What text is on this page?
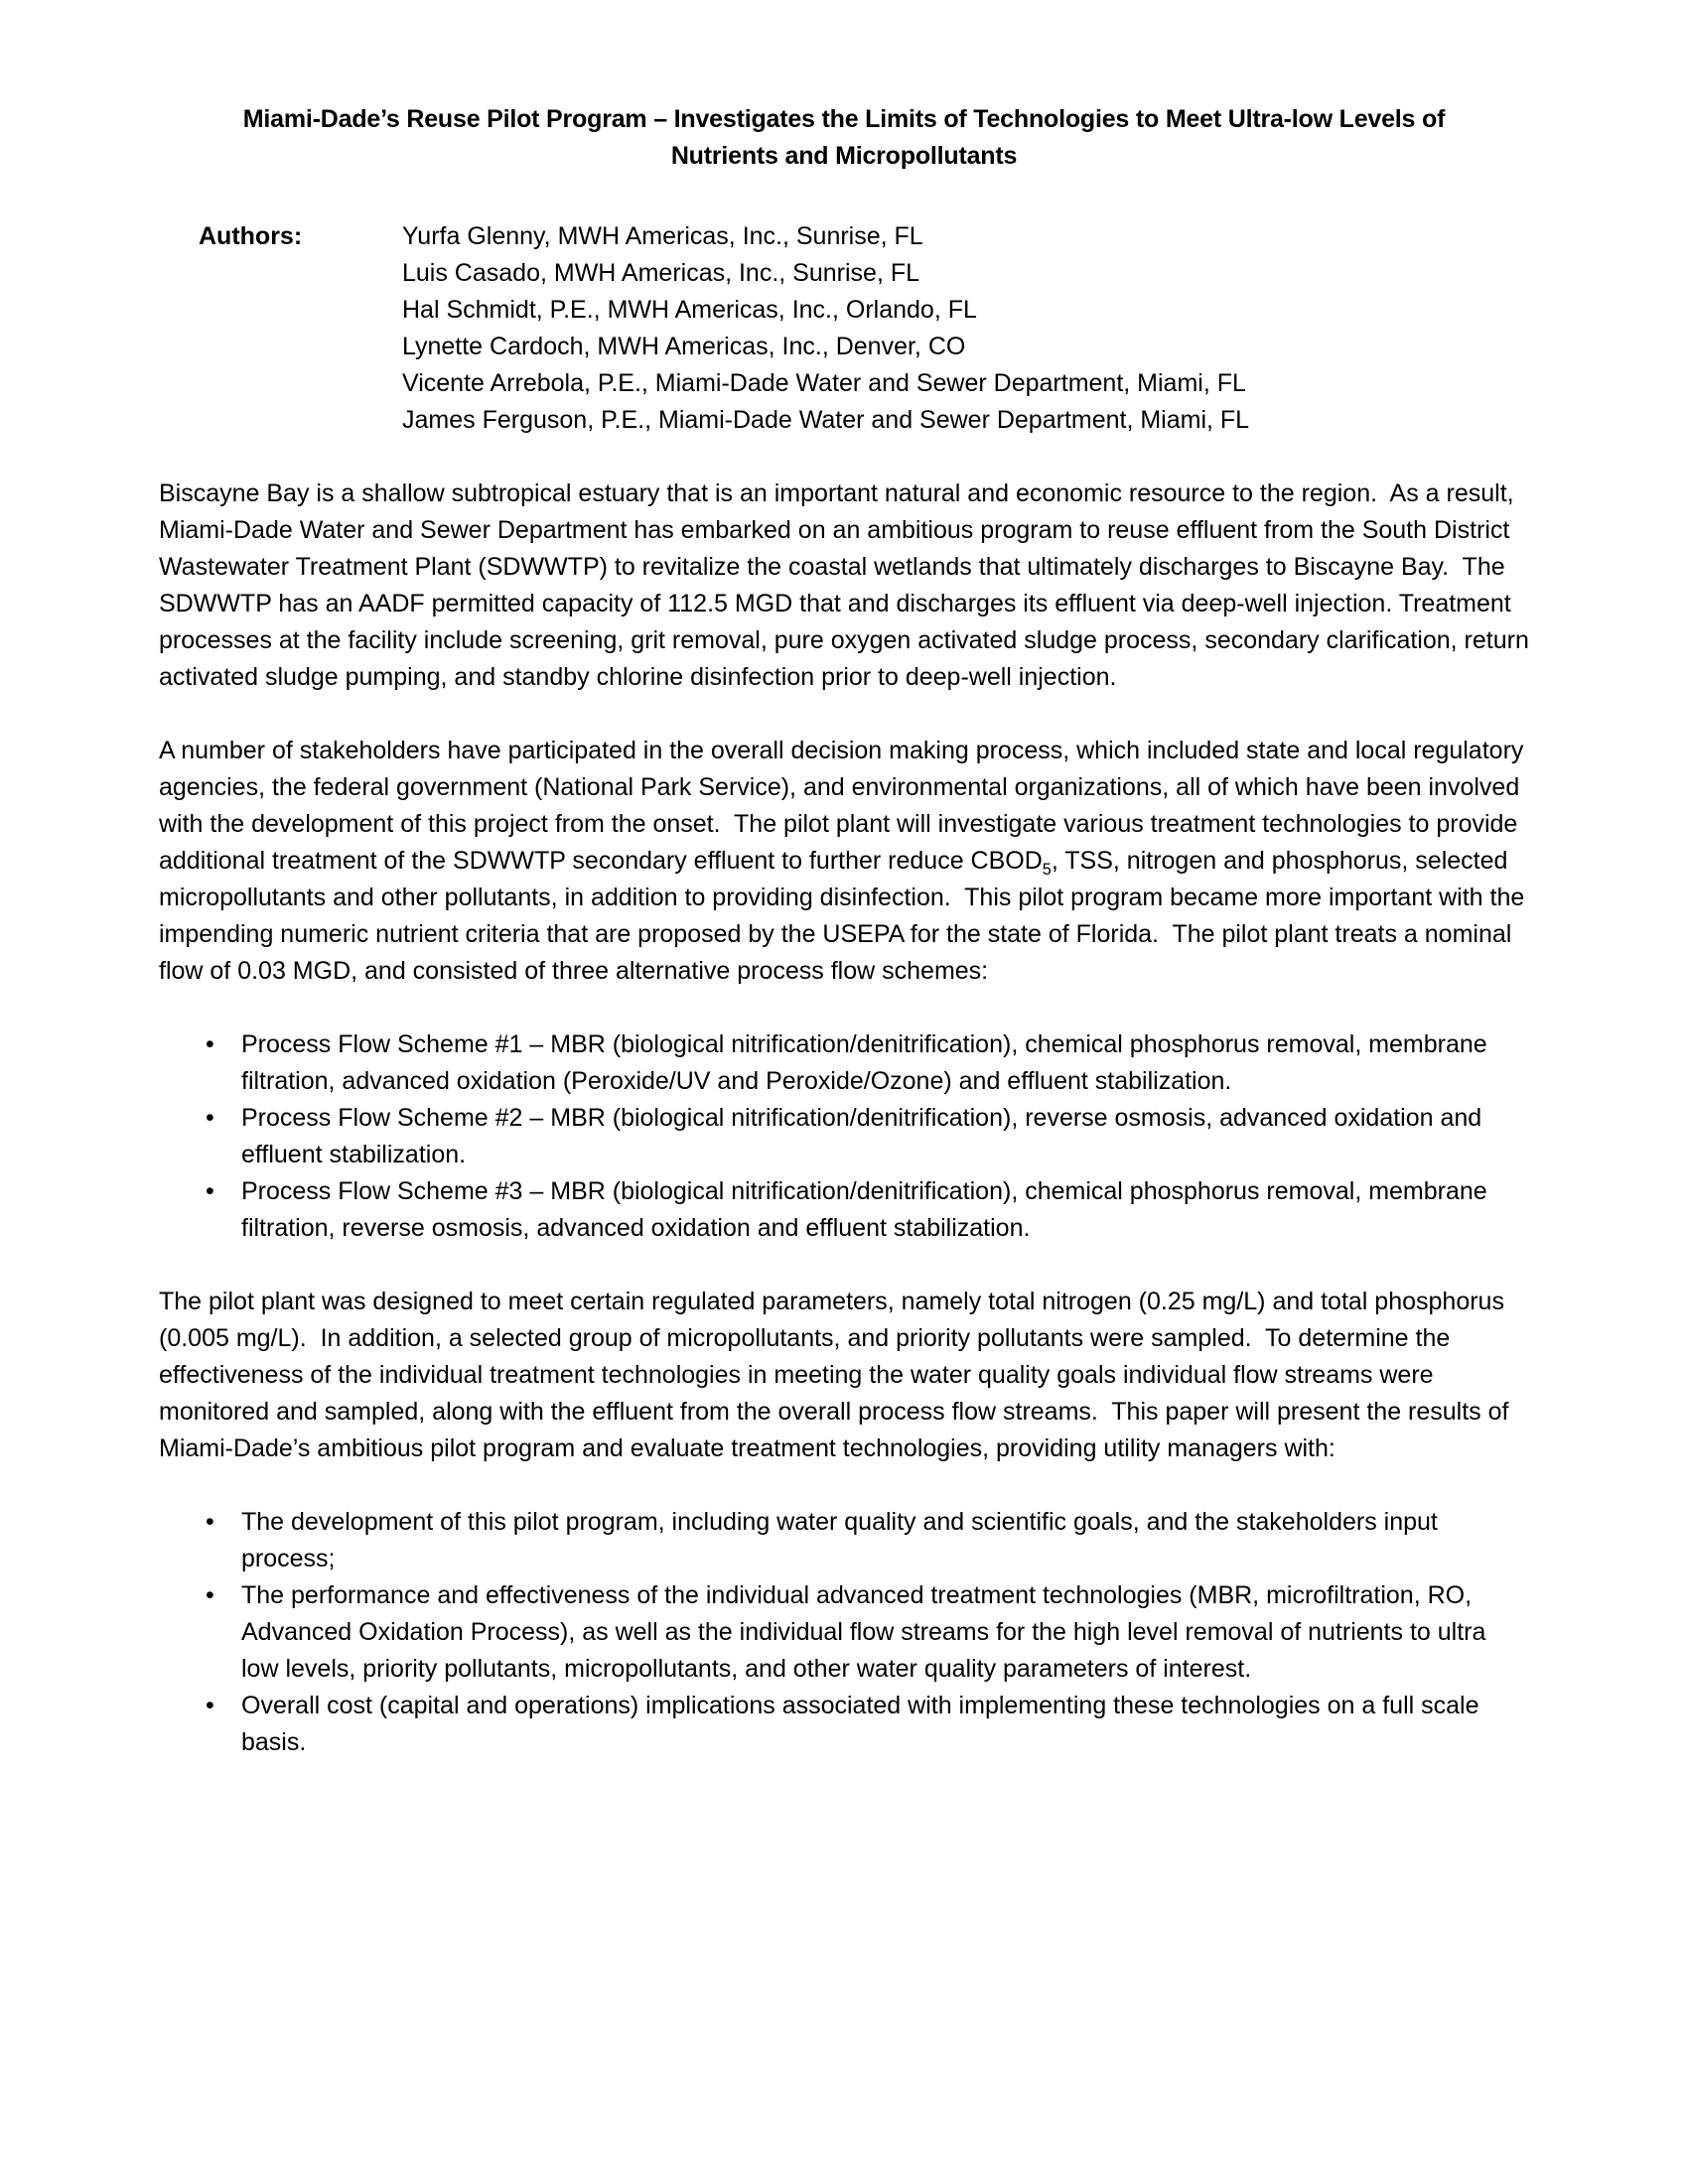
Miami-Dade’s Reuse Pilot Program – Investigates the Limits of Technologies to Meet Ultra-low Levels of
Nutrients and Micropollutants
Authors:	Yurfa Glenny, MWH Americas, Inc., Sunrise, FL
Luis Casado, MWH Americas, Inc., Sunrise, FL
Hal Schmidt, P.E., MWH Americas, Inc., Orlando, FL
Lynette Cardoch, MWH Americas, Inc., Denver, CO
Vicente Arrebola, P.E., Miami-Dade Water and Sewer Department, Miami, FL
James Ferguson, P.E., Miami-Dade Water and Sewer Department, Miami, FL

Biscayne Bay is a shallow subtropical estuary that is an important natural and economic resource to the region.  As a result, Miami-Dade Water and Sewer Department has embarked on an ambitious program to reuse effluent from the South District Wastewater Treatment Plant (SDWWTP) to revitalize the coastal wetlands that ultimately discharges to Biscayne Bay.  The SDWWTP has an AADF permitted capacity of 112.5 MGD that and discharges its effluent via deep-well injection. Treatment processes at the facility include screening, grit removal, pure oxygen activated sludge process, secondary clarification, return activated sludge pumping, and standby chlorine disinfection prior to deep-well injection.

A number of stakeholders have participated in the overall decision making process, which included state and local regulatory agencies, the federal government (National Park Service), and environmental organizations, all of which have been involved with the development of this project from the onset.  The pilot plant will investigate various treatment technologies to provide additional treatment of the SDWWTP secondary effluent to further reduce $CBOD_5$, TSS, nitrogen and phosphorus, selected micropollutants and other pollutants, in addition to providing disinfection.  This pilot program became more important with the impending numeric nutrient criteria that are proposed by the USEPA for the state of Florida.  The pilot plant treats a nominal flow of 0.03 MGD, and consisted of three alternative process flow schemes:

• Process Flow Scheme #1 – MBR (biological nitrification/denitrification), chemical phosphorus removal, membrane filtration, advanced oxidation (Peroxide/UV and Peroxide/Ozone) and effluent stabilization.
• Process Flow Scheme #2 – MBR (biological nitrification/denitrification), reverse osmosis, advanced oxidation and effluent stabilization.
• Process Flow Scheme #3 – MBR (biological nitrification/denitrification), chemical phosphorus removal, membrane filtration, reverse osmosis, advanced oxidation and effluent stabilization.

The pilot plant was designed to meet certain regulated parameters, namely total nitrogen (0.25 mg/L) and total phosphorus (0.005 mg/L).  In addition, a selected group of micropollutants, and priority pollutants were sampled.  To determine the effectiveness of the individual treatment technologies in meeting the water quality goals individual flow streams were monitored and sampled, along with the effluent from the overall process flow streams.  This paper will present the results of Miami-Dade’s ambitious pilot program and evaluate treatment technologies, providing utility managers with:

• The development of this pilot program, including water quality and scientific goals, and the stakeholders input process;
• The performance and effectiveness of the individual advanced treatment technologies (MBR, microfiltration, RO, Advanced Oxidation Process), as well as the individual flow streams for the high level removal of nutrients to ultra low levels, priority pollutants, micropollutants, and other water quality parameters of interest.
• Overall cost (capital and operations) implications associated with implementing these technologies on a full scale basis.
